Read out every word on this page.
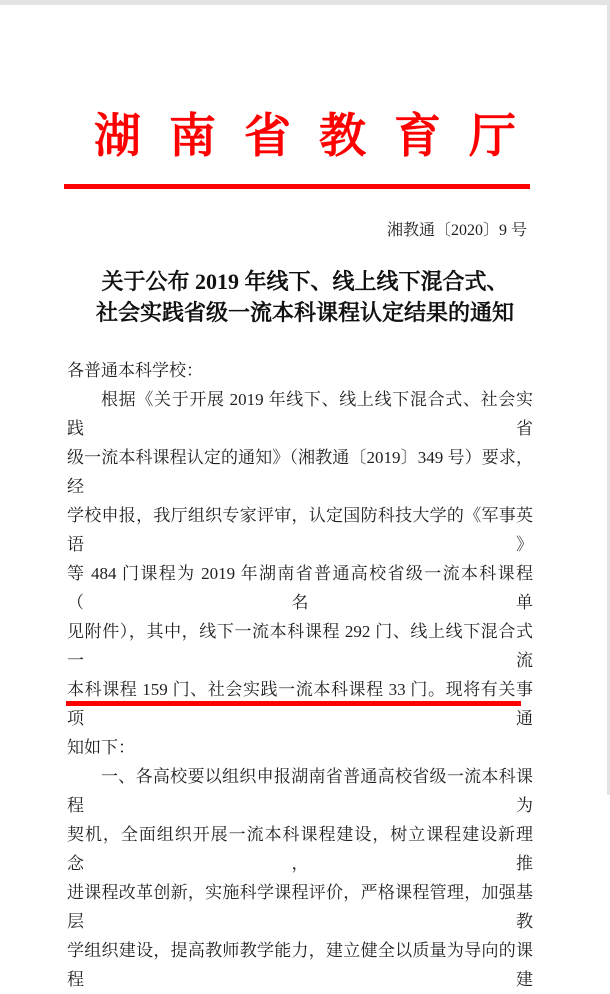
湖南省教育厅
湘教通〔2020〕9 号
关于公布 2019 年线下、线上线下混合式、
社会实践省级一流本科课程认定结果的通知
各普通本科学校：
根据《关于开展 2019 年线下、线上线下混合式、社会实践省
级一流本科课程认定的通知》（湘教通〔2019〕349 号）要求，经
学校申报，我厅组织专家评审，认定国防科技大学的《军事英语》
等 484 门课程为 2019 年湖南省普通高校省级一流本科课程（名单
见附件），其中，线下一流本科课程 292 门、线上线下混合式一流
本科课程 159 门、社会实践一流本科课程 33 门。现将有关事项通
知如下：
一、各高校要以组织申报湖南省普通高校省级一流本科课程为
契机，全面组织开展一流本科课程建设，树立课程建设新理念，推
进课程改革创新，实施科学课程评价，严格课程管理，加强基层教
学组织建设，提高教师教学能力，建立健全以质量为导向的课程建
